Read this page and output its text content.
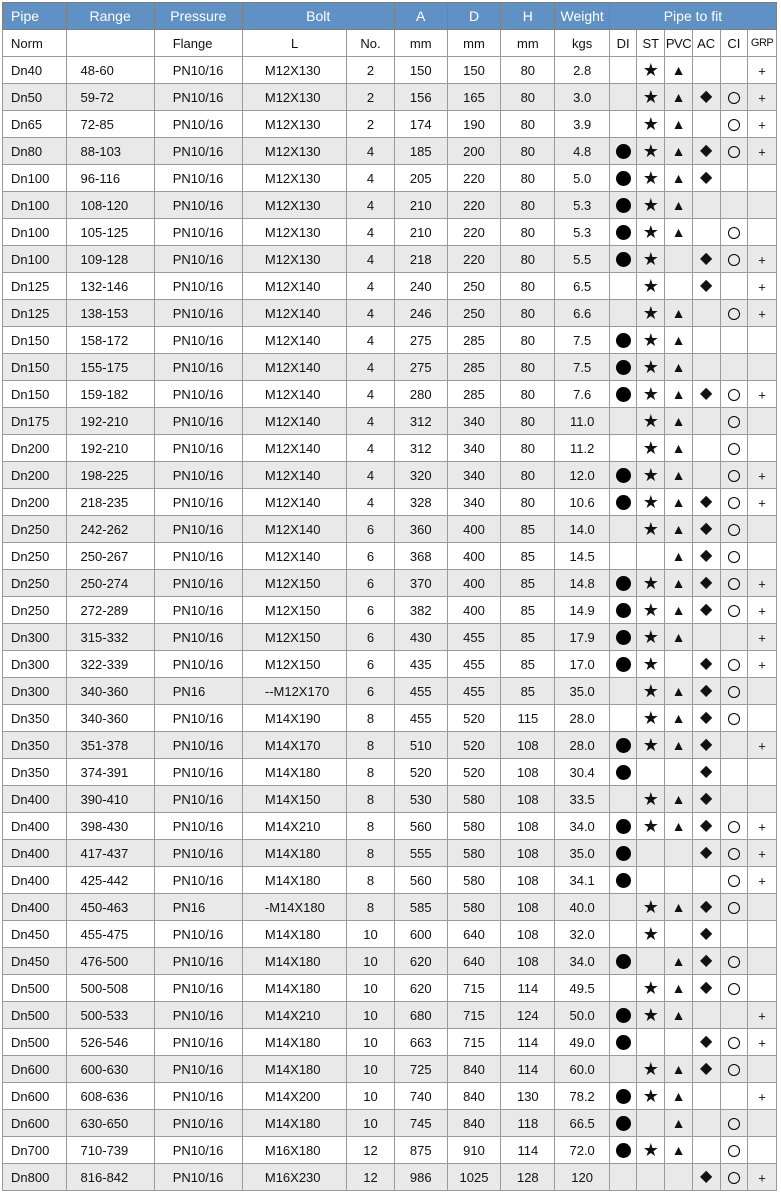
Pipe	Range	Pressure	Bolt		A	D	H	Weight	Pipe to fit					
Norm		Flange	L	No.	mm	mm	mm	kgs	DI	ST	PVC	AC	CI	GRP
Dn40	48-60	PN10/16	M12X130	2	150	150	80	2.8		★	▲			+
Dn50	59-72	PN10/16	M12X130	2	156	165	80	3.0		★	▲	◆		+
Dn65	72-85	PN10/16	M12X130	2	174	190	80	3.9		★	▲			+
Dn80	88-103	PN10/16	M12X130	4	185	200	80	4.8		★	▲	◆		+
Dn100	96-116	PN10/16	M12X130	4	205	220	80	5.0		★	▲	◆		
Dn100	108-120	PN10/16	M12X130	4	210	220	80	5.3		★	▲			
Dn100	105-125	PN10/16	M12X130	4	210	220	80	5.3		★	▲			
Dn100	109-128	PN10/16	M12X130	4	218	220	80	5.5		★		◆		+
Dn125	132-146	PN10/16	M12X140	4	240	250	80	6.5		★		◆		+
Dn125	138-153	PN10/16	M12X140	4	246	250	80	6.6		★	▲			+
Dn150	158-172	PN10/16	M12X140	4	275	285	80	7.5		★	▲			
Dn150	155-175	PN10/16	M12X140	4	275	285	80	7.5		★	▲			
Dn150	159-182	PN10/16	M12X140	4	280	285	80	7.6		★	▲	◆		+
Dn175	192-210	PN10/16	M12X140	4	312	340	80	11.0		★	▲			
Dn200	192-210	PN10/16	M12X140	4	312	340	80	11.2		★	▲			
Dn200	198-225	PN10/16	M12X140	4	320	340	80	12.0		★	▲			+
Dn200	218-235	PN10/16	M12X140	4	328	340	80	10.6		★	▲	◆		+
Dn250	242-262	PN10/16	M12X140	6	360	400	85	14.0		★	▲	◆		
Dn250	250-267	PN10/16	M12X140	6	368	400	85	14.5			▲	◆		
Dn250	250-274	PN10/16	M12X150	6	370	400	85	14.8		★	▲	◆		+
Dn250	272-289	PN10/16	M12X150	6	382	400	85	14.9		★	▲	◆		+
Dn300	315-332	PN10/16	M12X150	6	430	455	85	17.9		★	▲			+
Dn300	322-339	PN10/16	M12X150	6	435	455	85	17.0		★		◆		+
Dn300	340-360	PN16	--M12X170	6	455	455	85	35.0		★	▲	◆		
Dn350	340-360	PN10/16	M14X190	8	455	520	115	28.0		★	▲	◆		
Dn350	351-378	PN10/16	M14X170	8	510	520	108	28.0		★	▲	◆		+
Dn350	374-391	PN10/16	M14X180	8	520	520	108	30.4				◆		
Dn400	390-410	PN10/16	M14X150	8	530	580	108	33.5		★	▲	◆		
Dn400	398-430	PN10/16	M14X210	8	560	580	108	34.0		★	▲	◆		+
Dn400	417-437	PN10/16	M14X180	8	555	580	108	35.0				◆		+
Dn400	425-442	PN10/16	M14X180	8	560	580	108	34.1						+
Dn400	450-463	PN16	-M14X180	8	585	580	108	40.0		★	▲	◆		
Dn450	455-475	PN10/16	M14X180	10	600	640	108	32.0		★		◆		
Dn450	476-500	PN10/16	M14X180	10	620	640	108	34.0			▲	◆		
Dn500	500-508	PN10/16	M14X180	10	620	715	114	49.5		★	▲	◆		
Dn500	500-533	PN10/16	M14X210	10	680	715	124	50.0		★	▲			+
Dn500	526-546	PN10/16	M14X180	10	663	715	114	49.0				◆		+
Dn600	600-630	PN10/16	M14X180	10	725	840	114	60.0		★	▲	◆		
Dn600	608-636	PN10/16	M14X200	10	740	840	130	78.2		★	▲			+
Dn600	630-650	PN10/16	M14X180	10	745	840	118	66.5			▲			
Dn700	710-739	PN10/16	M16X180	12	875	910	114	72.0		★	▲			
Dn800	816-842	PN10/16	M16X230	12	986	1025	128	120				◆		+
